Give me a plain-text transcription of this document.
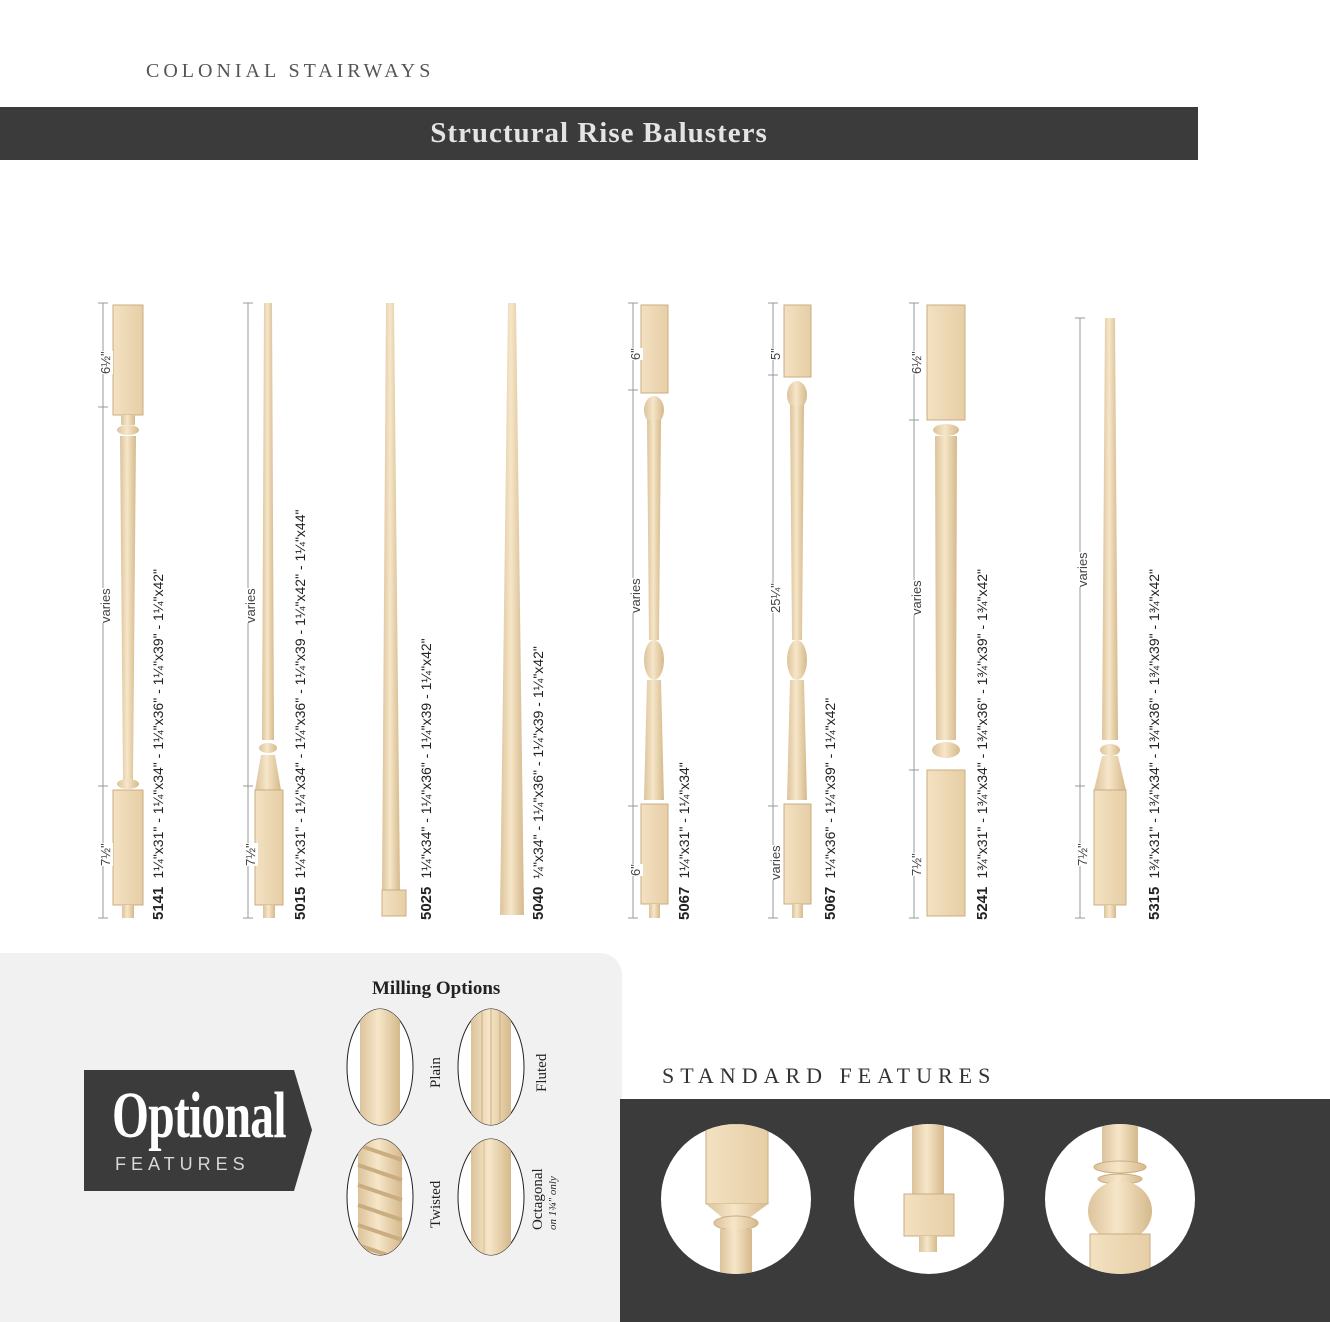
COLONIAL STAIRWAYS
Structural Rise Balusters
51411¼"x31" - 1¼"x34" - 1¼"x36" - 1¼"x39" - 1¼"x42"
50151¼"x31" - 1¼"x34" - 1¼"x36" - 1¼"x39 - 1¼"x42" - 1¼"x44"
50251¼"x34" - 1¼"x36" - 1¼"x39 - 1¼"x42"
5040¼"x34" - 1¼"x36" - 1¼"x39 - 1¼"x42"
50671¼"x31" - 1¼"x34"
50671¼"x36" - 1¼"x39" - 1¼"x42"
52411¾"x31" - 1¾"x34" - 1¾"x36" - 1¾"x39" - 1¾"x42"
53151¾"x31" - 1¾"x34" - 1¾"x36" - 1¾"x39" - 1¾"x42"
6½"
varies
7½"
varies
7½"
6"
varies
6"
5"
25¼"
varies
6½"
varies
7½"
varies
7½"
Optional
FEATURES
Milling Options
Plain	Fluted
Twisted	Octagonal on 1¾" only
STANDARD FEATURES
